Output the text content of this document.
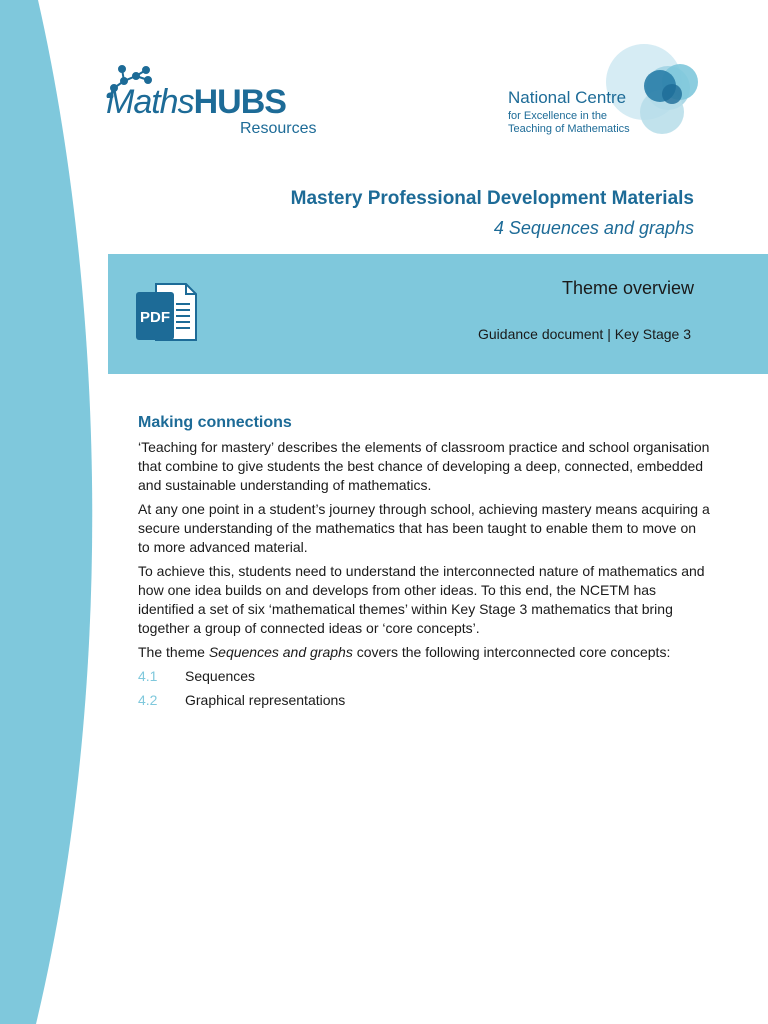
MathsHUBS
Resources
National Centre
for Excellence in the
Teaching of Mathematics
Mastery Professional Development Materials
4 Sequences and graphs
PDF
Theme overview
Guidance document | Key Stage 3
Making connections

‘Teaching for mastery’ describes the elements of classroom practice and school organisation that combine to give students the best chance of developing a deep, connected, embedded and sustainable understanding of mathematics.

At any one point in a student’s journey through school, achieving mastery means acquiring a secure understanding of the mathematics that has been taught to enable them to move on to more advanced material.

To achieve this, students need to understand the interconnected nature of mathematics and how one idea builds on and develops from other ideas. To this end, the NCETM has identified a set of six ‘mathematical themes’ within Key Stage 3 mathematics that bring together a group of connected ideas or ‘core concepts’.

The theme Sequences and graphs covers the following interconnected core concepts:

4.1	Sequences
4.2	Graphical representations
